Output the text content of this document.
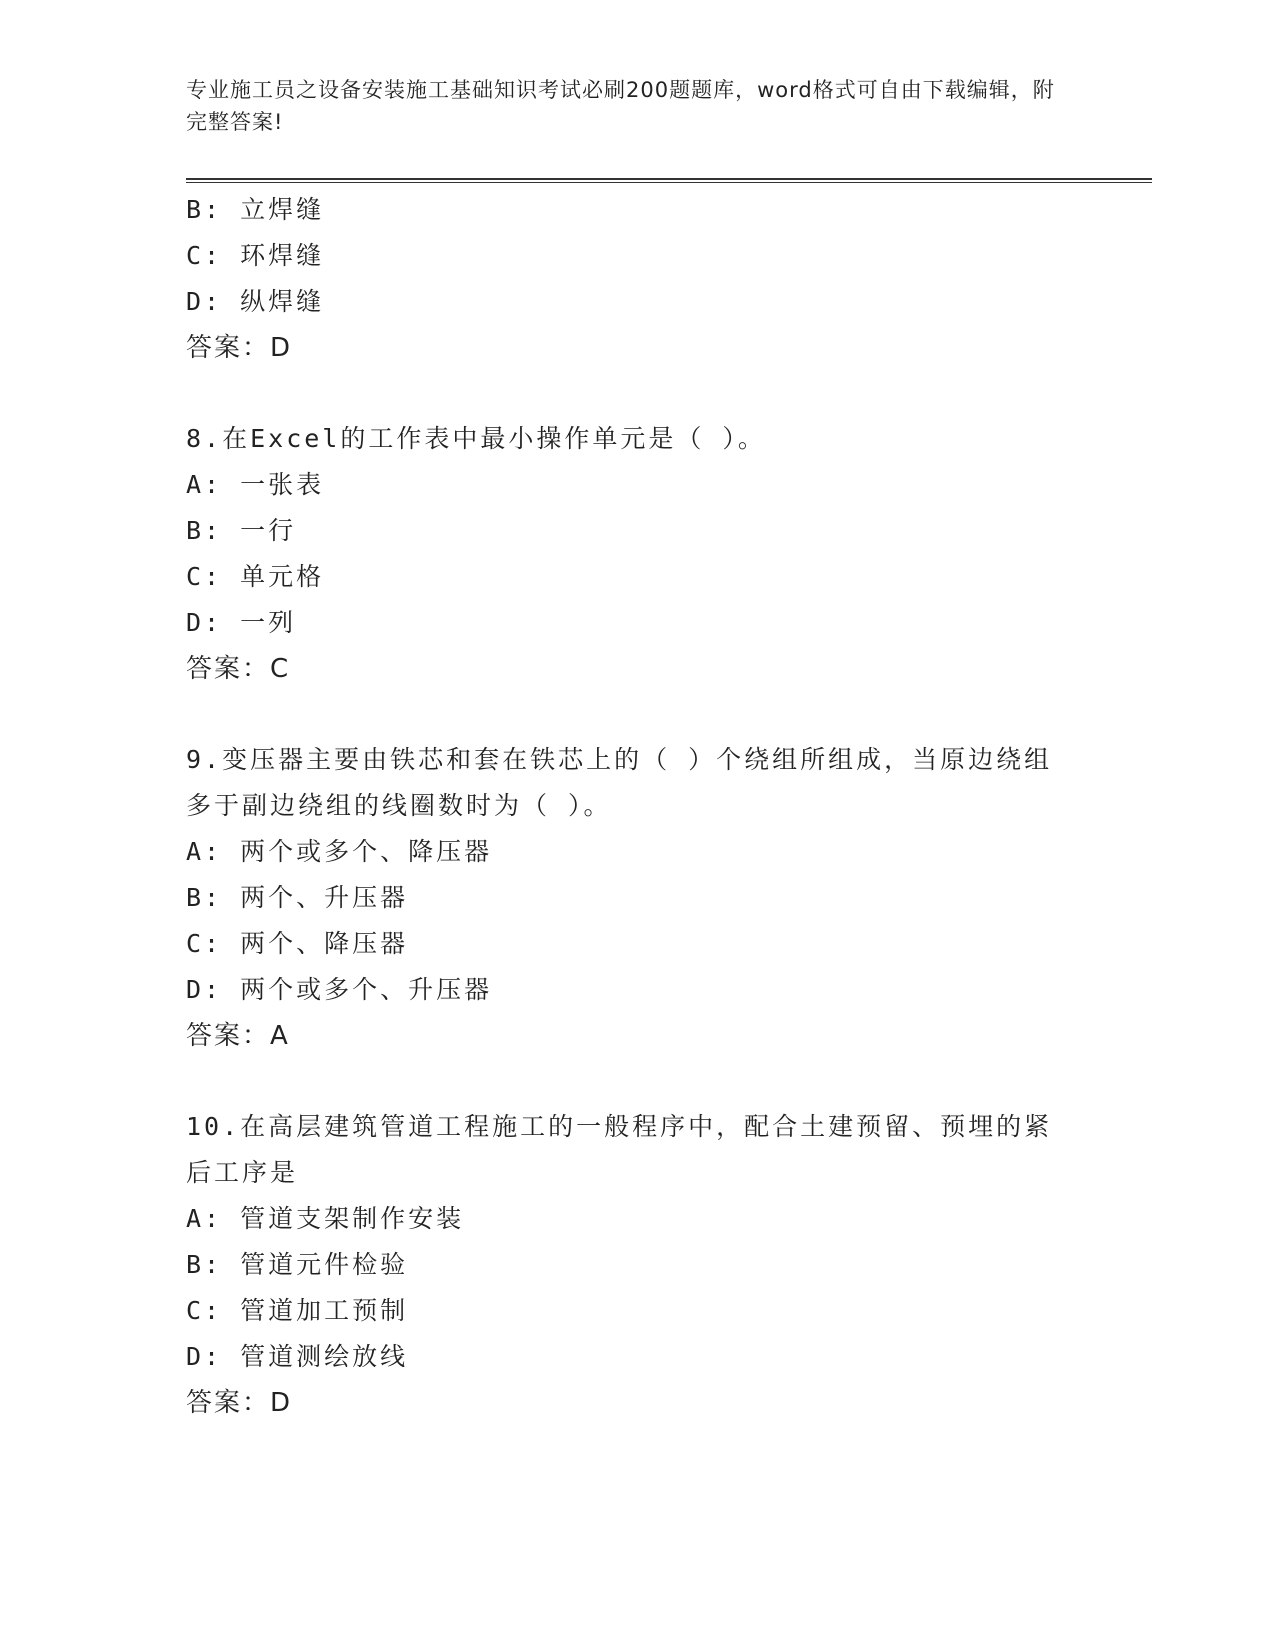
专业施工员之设备安装施工基础知识考试必刷200题题库，word格式可自由下载编辑，附完整答案!
B: 立焊缝
C: 环焊缝
D: 纵焊缝
答案：D
8.在Excel的工作表中最小操作单元是（ ）。
A: 一张表
B: 一行
C: 单元格
D: 一列
答案：C
9.变压器主要由铁芯和套在铁芯上的（ ）个绕组所组成，当原边绕组多于副边绕组的线圈数时为（ ）。
A: 两个或多个、降压器
B: 两个、升压器
C: 两个、降压器
D: 两个或多个、升压器
答案：A
10.在高层建筑管道工程施工的一般程序中，配合土建预留、预埋的紧后工序是
A: 管道支架制作安装
B: 管道元件检验
C: 管道加工预制
D: 管道测绘放线
答案：D
